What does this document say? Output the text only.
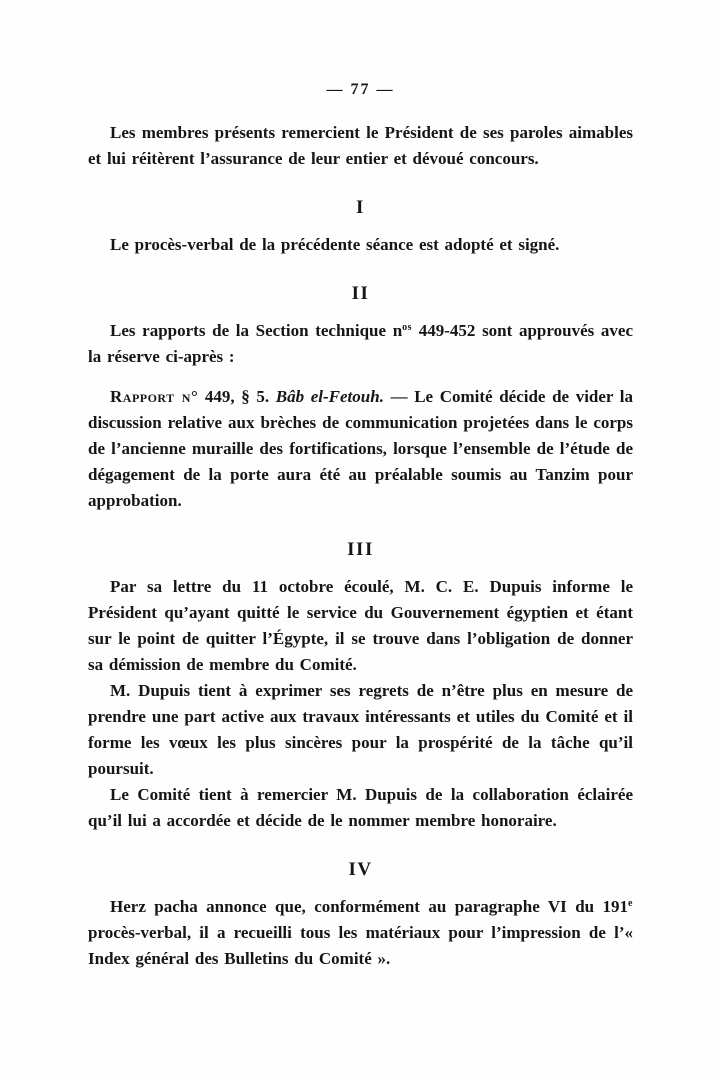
— 77 —

Les membres présents remercient le Président de ses paroles aimables et lui réitèrent l’assurance de leur entier et dévoué concours.

I

Le procès-verbal de la précédente séance est adopté et signé.

II

Les rapports de la Section technique $n^{os}$ 449-452 sont approuvés avec la réserve ci-après :

Rapport n° 449, § 5. Bâb el-Fetouh. — Le Comité décide de vider la discussion relative aux brèches de communication projetées dans le corps de l’ancienne muraille des fortifications, lorsque l’ensemble de l’étude de dégagement de la porte aura été au préalable soumis au Tanzim pour approbation.

III

Par sa lettre du 11 octobre écoulé, M. C. E. Dupuis informe le Président qu’ayant quitté le service du Gouvernement égyptien et étant sur le point de quitter l’Égypte, il se trouve dans l’obligation de donner sa démission de membre du Comité.

M. Dupuis tient à exprimer ses regrets de n’être plus en mesure de prendre une part active aux travaux intéressants et utiles du Comité et il forme les vœux les plus sincères pour la prospérité de la tâche qu’il poursuit.

Le Comité tient à remercier M. Dupuis de la collaboration éclairée qu’il lui a accordée et décide de le nommer membre honoraire.

IV

Herz pacha annonce que, conformément au paragraphe VI du 191e procès-verbal, il a recueilli tous les matériaux pour l’impression de l’« Index général des Bulletins du Comité ».
